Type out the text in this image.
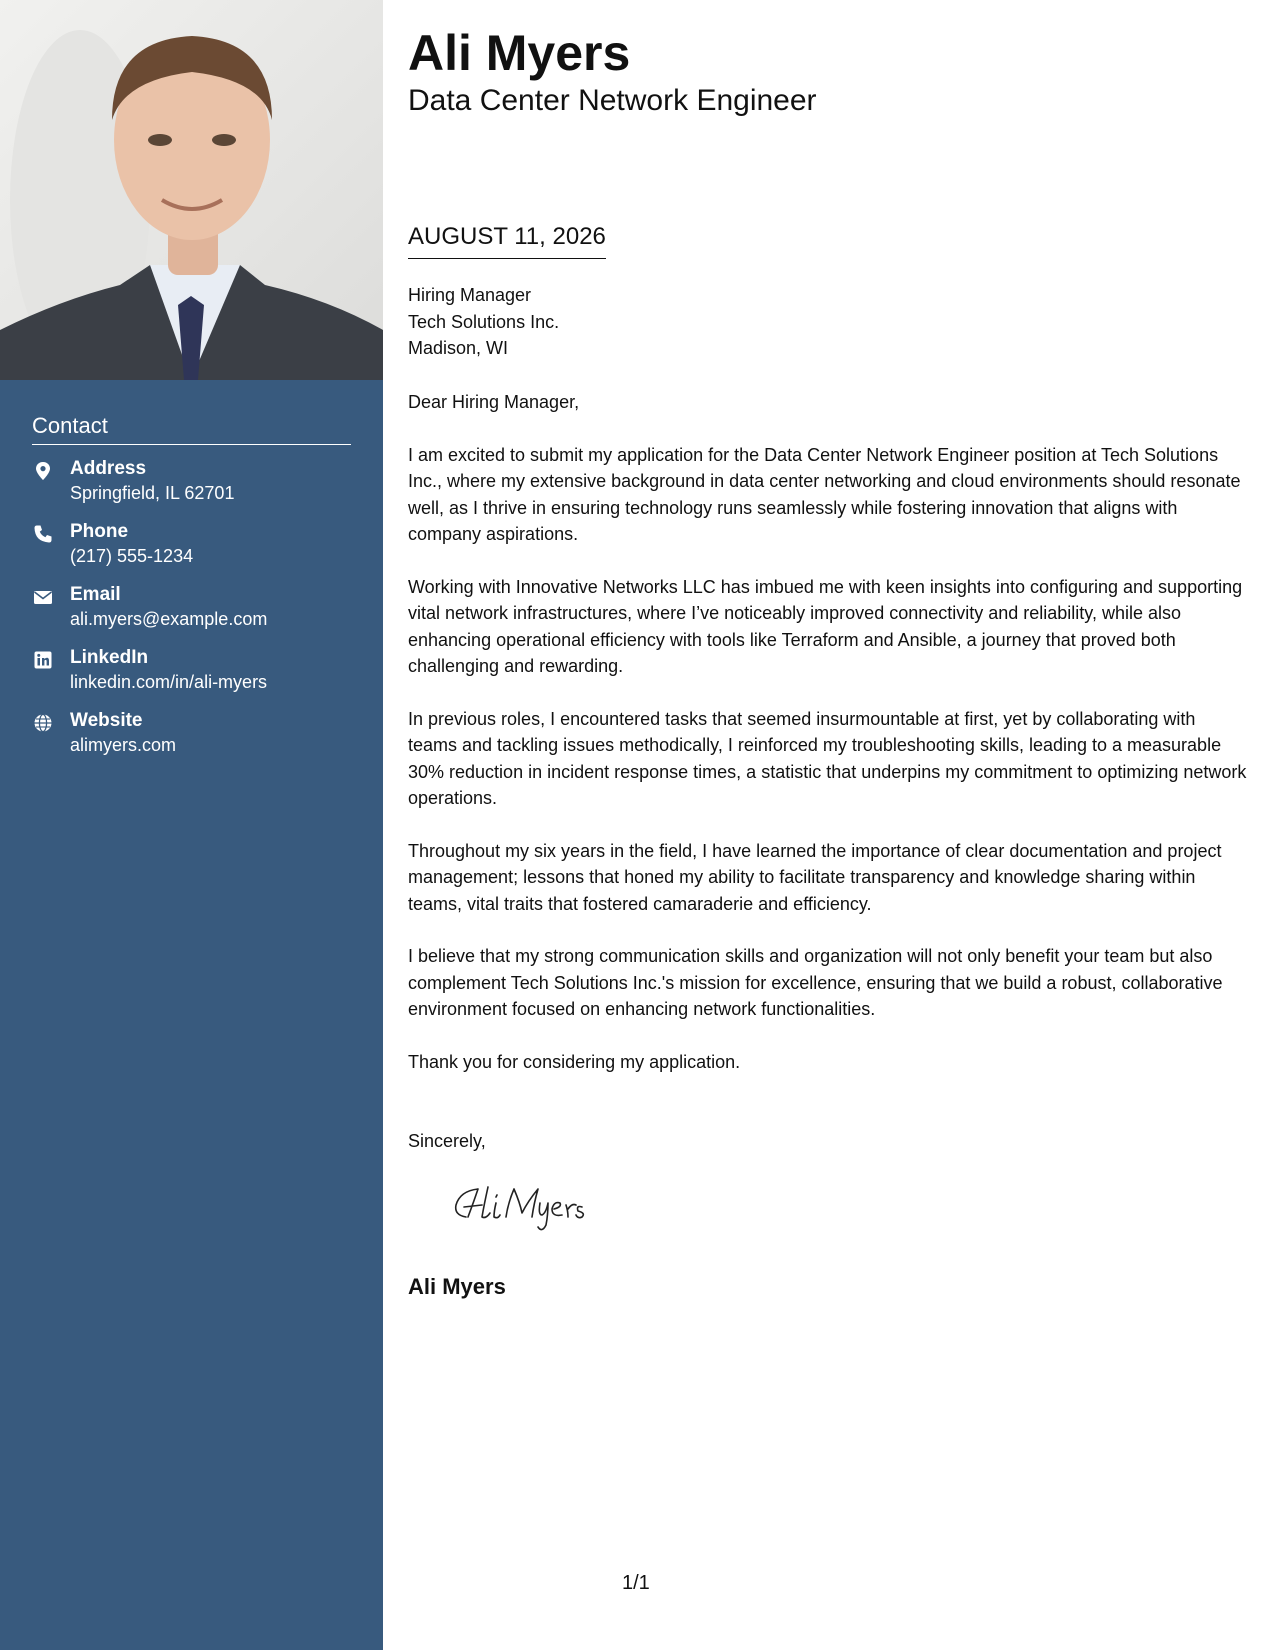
Contact
Address
Springfield, IL 62701
Phone
(217) 555-1234
Email
ali.myers@example.com
LinkedIn
linkedin.com/in/ali-myers
Website
alimyers.com
Ali Myers
Data Center Network Engineer
AUGUST 11, 2026
Hiring Manager
Tech Solutions Inc.
Madison, WI

Dear Hiring Manager,

I am excited to submit my application for the Data Center Network Engineer position at Tech Solutions Inc., where my extensive background in data center networking and cloud environments should resonate well, as I thrive in ensuring technology runs seamlessly while fostering innovation that aligns with company aspirations.

Working with Innovative Networks LLC has imbued me with keen insights into configuring and supporting vital network infrastructures, where I’ve noticeably improved connectivity and reliability, while also enhancing operational efficiency with tools like Terraform and Ansible, a journey that proved both challenging and rewarding.

In previous roles, I encountered tasks that seemed insurmountable at first, yet by collaborating with teams and tackling issues methodically, I reinforced my troubleshooting skills, leading to a measurable 30% reduction in incident response times, a statistic that underpins my commitment to optimizing network operations.

Throughout my six years in the field, I have learned the importance of clear documentation and project management; lessons that honed my ability to facilitate transparency and knowledge sharing within teams, vital traits that fostered camaraderie and efficiency.

I believe that my strong communication skills and organization will not only benefit your team but also complement Tech Solutions Inc.'s mission for excellence, ensuring that we build a robust, collaborative environment focused on enhancing network functionalities.

Thank you for considering my application.

Sincerely,
Ali Myers
1/1
